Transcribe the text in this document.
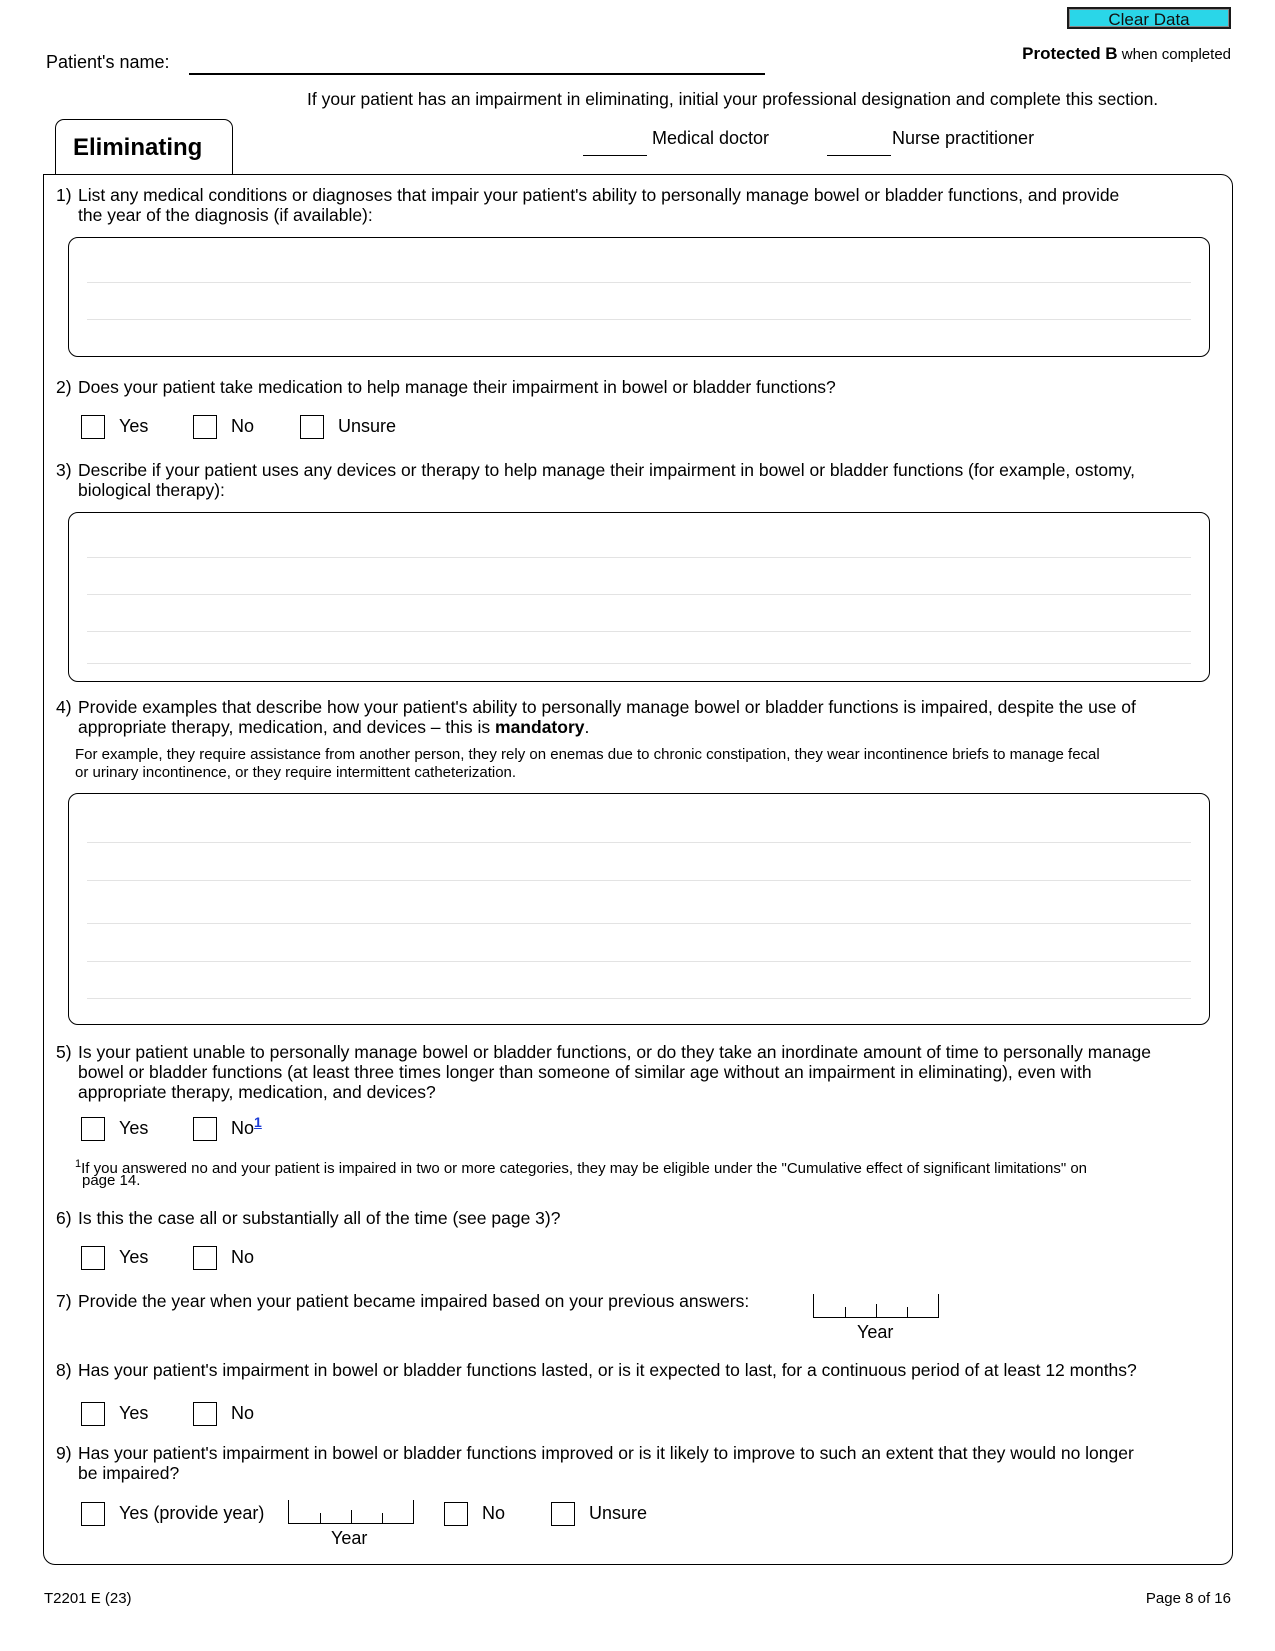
Clear Data
Protected B when completed
Patient's name:
If your patient has an impairment in eliminating, initial your professional designation and complete this section.
Medical doctor	Nurse practitioner
Eliminating
1) List any medical conditions or diagnoses that impair your patient's ability to personally manage bowel or bladder functions, and provide
the year of the diagnosis (if available):
2) Does your patient take medication to help manage their impairment in bowel or bladder functions?
Yes	No	Unsure
3) Describe if your patient uses any devices or therapy to help manage their impairment in bowel or bladder functions (for example, ostomy,
biological therapy):
4) Provide examples that describe how your patient's ability to personally manage bowel or bladder functions is impaired, despite the use of
appropriate therapy, medication, and devices – this is mandatory.
For example, they require assistance from another person, they rely on enemas due to chronic constipation, they wear incontinence briefs to manage fecal
or urinary incontinence, or they require intermittent catheterization.
5) Is your patient unable to personally manage bowel or bladder functions, or do they take an inordinate amount of time to personally manage
bowel or bladder functions (at least three times longer than someone of similar age without an impairment in eliminating), even with
appropriate therapy, medication, and devices?
Yes	No$^1$
$^1$If you answered no and your patient is impaired in two or more categories, they may be eligible under the "Cumulative effect of significant limitations" on
page 14.
6) Is this the case all or substantially all of the time (see page 3)?
Yes	No
7) Provide the year when your patient became impaired based on your previous answers:
Year
8) Has your patient's impairment in bowel or bladder functions lasted, or is it expected to last, for a continuous period of at least 12 months?
Yes	No
9) Has your patient's impairment in bowel or bladder functions improved or is it likely to improve to such an extent that they would no longer
be impaired?
Yes (provide year)
Year
No	Unsure
T2201 E (23)	Page 8 of 16
